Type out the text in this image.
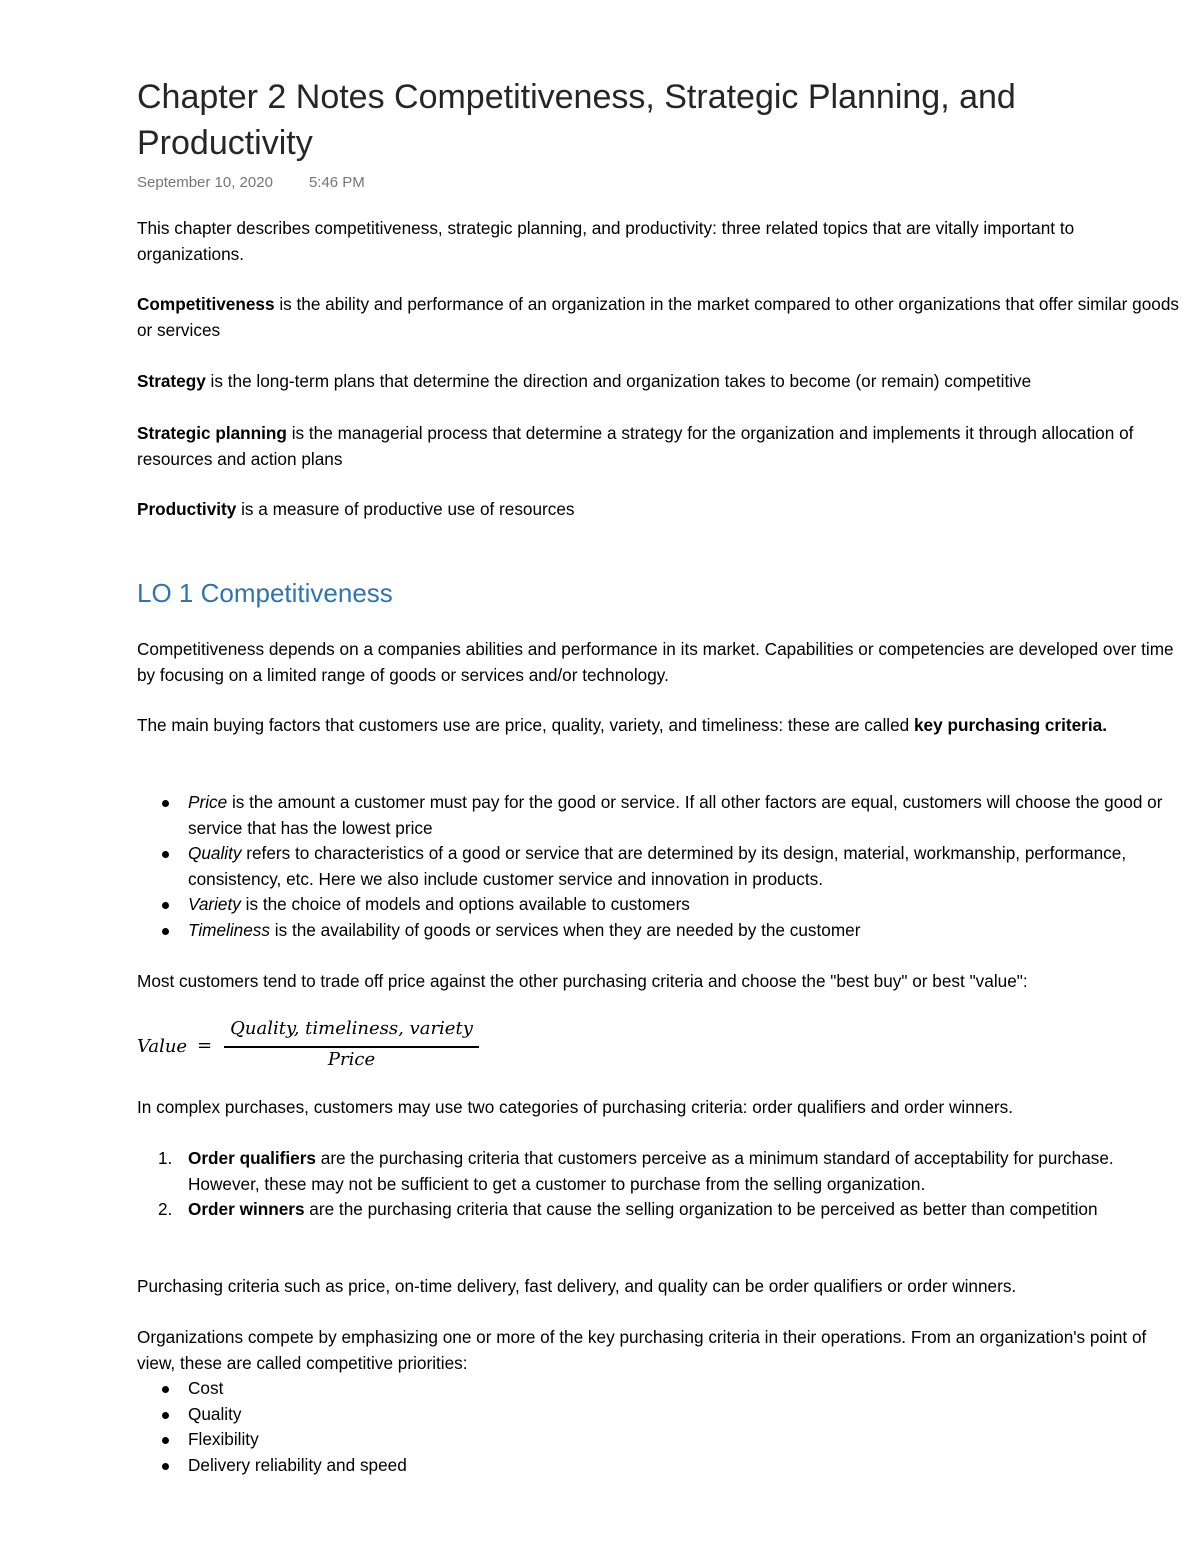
Chapter 2 Notes Competitiveness, Strategic Planning, and Productivity
September 10, 2020 5:46 PM

This chapter describes competitiveness, strategic planning, and productivity: three related topics that are vitally important to organizations.

Competitiveness is the ability and performance of an organization in the market compared to other organizations that offer similar goods or services

Strategy is the long-term plans that determine the direction and organization takes to become (or remain) competitive

Strategic planning is the managerial process that determine a strategy for the organization and implements it through allocation of resources and action plans

Productivity is a measure of productive use of resources

LO 1 Competitiveness

Competitiveness depends on a companies abilities and performance in its market. Capabilities or competencies are developed over time by focusing on a limited range of goods or services and/or technology.

The main buying factors that customers use are price, quality, variety, and timeliness: these are called key purchasing criteria.

Price is the amount a customer must pay for the good or service. If all other factors are equal, customers will choose the good or service that has the lowest price
Quality refers to characteristics of a good or service that are determined by its design, material, workmanship, performance, consistency, etc. Here we also include customer service and innovation in products.
Variety is the choice of models and options available to customers
Timeliness is the availability of goods or services when they are needed by the customer

Most customers tend to trade off price against the other purchasing criteria and choose the "best buy" or best "value":

Value =
Quality, timeliness, variety
Price

In complex purchases, customers may use two categories of purchasing criteria: order qualifiers and order winners.

1. Order qualifiers are the purchasing criteria that customers perceive as a minimum standard of acceptability for purchase. However, these may not be sufficient to get a customer to purchase from the selling organization.
2. Order winners are the purchasing criteria that cause the selling organization to be perceived as better than competition

Purchasing criteria such as price, on-time delivery, fast delivery, and quality can be order qualifiers or order winners.

Organizations compete by emphasizing one or more of the key purchasing criteria in their operations. From an organization's point of view, these are called competitive priorities:

Cost
Quality
Flexibility
Delivery reliability and speed
